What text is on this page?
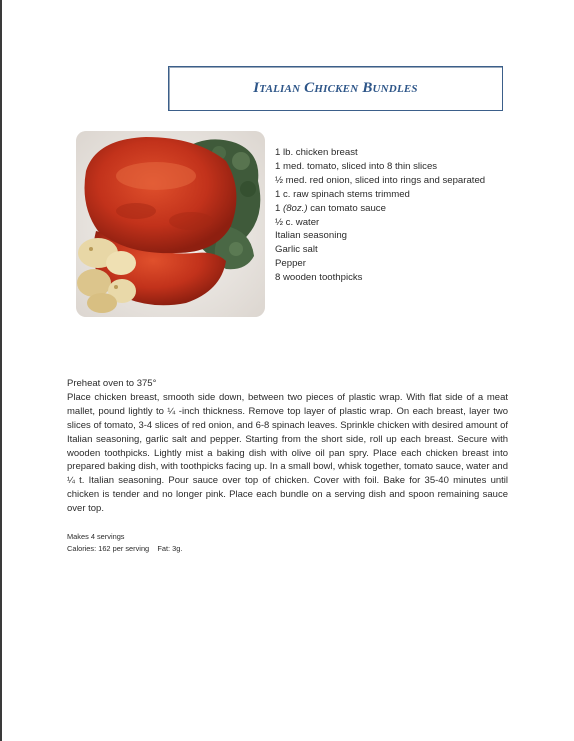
Italian Chicken Bundles
1 lb. chicken breast
1 med. tomato, sliced into 8 thin slices
½ med. red onion, sliced into rings and separated
1 c. raw spinach stems trimmed
1 (8oz.) can tomato sauce
½ c. water
Italian seasoning
Garlic salt
Pepper
8 wooden toothpicks

Preheat oven to 375°

Place chicken breast, smooth side down, between two pieces of plastic wrap. With flat side of a meat mallet, pound lightly to ¼ -inch thickness. Remove top layer of plastic wrap. On each breast, layer two slices of tomato, 3-4 slices of red onion, and 6-8 spinach leaves. Sprinkle chicken with desired amount of Italian seasoning, garlic salt and pepper. Starting from the short side, roll up each breast. Secure with wooden toothpicks. Lightly mist a baking dish with olive oil pan spry. Place each chicken breast into prepared baking dish, with toothpicks facing up. In a small bowl, whisk together, tomato sauce, water and ¼ t. Italian seasoning. Pour sauce over top of chicken. Cover with foil. Bake for 35-40 minutes until chicken is tender and no longer pink. Place each bundle on a serving dish and spoon remaining sauce over top.

Makes 4 servings
Calories: 162 per serving    Fat: 3g.
